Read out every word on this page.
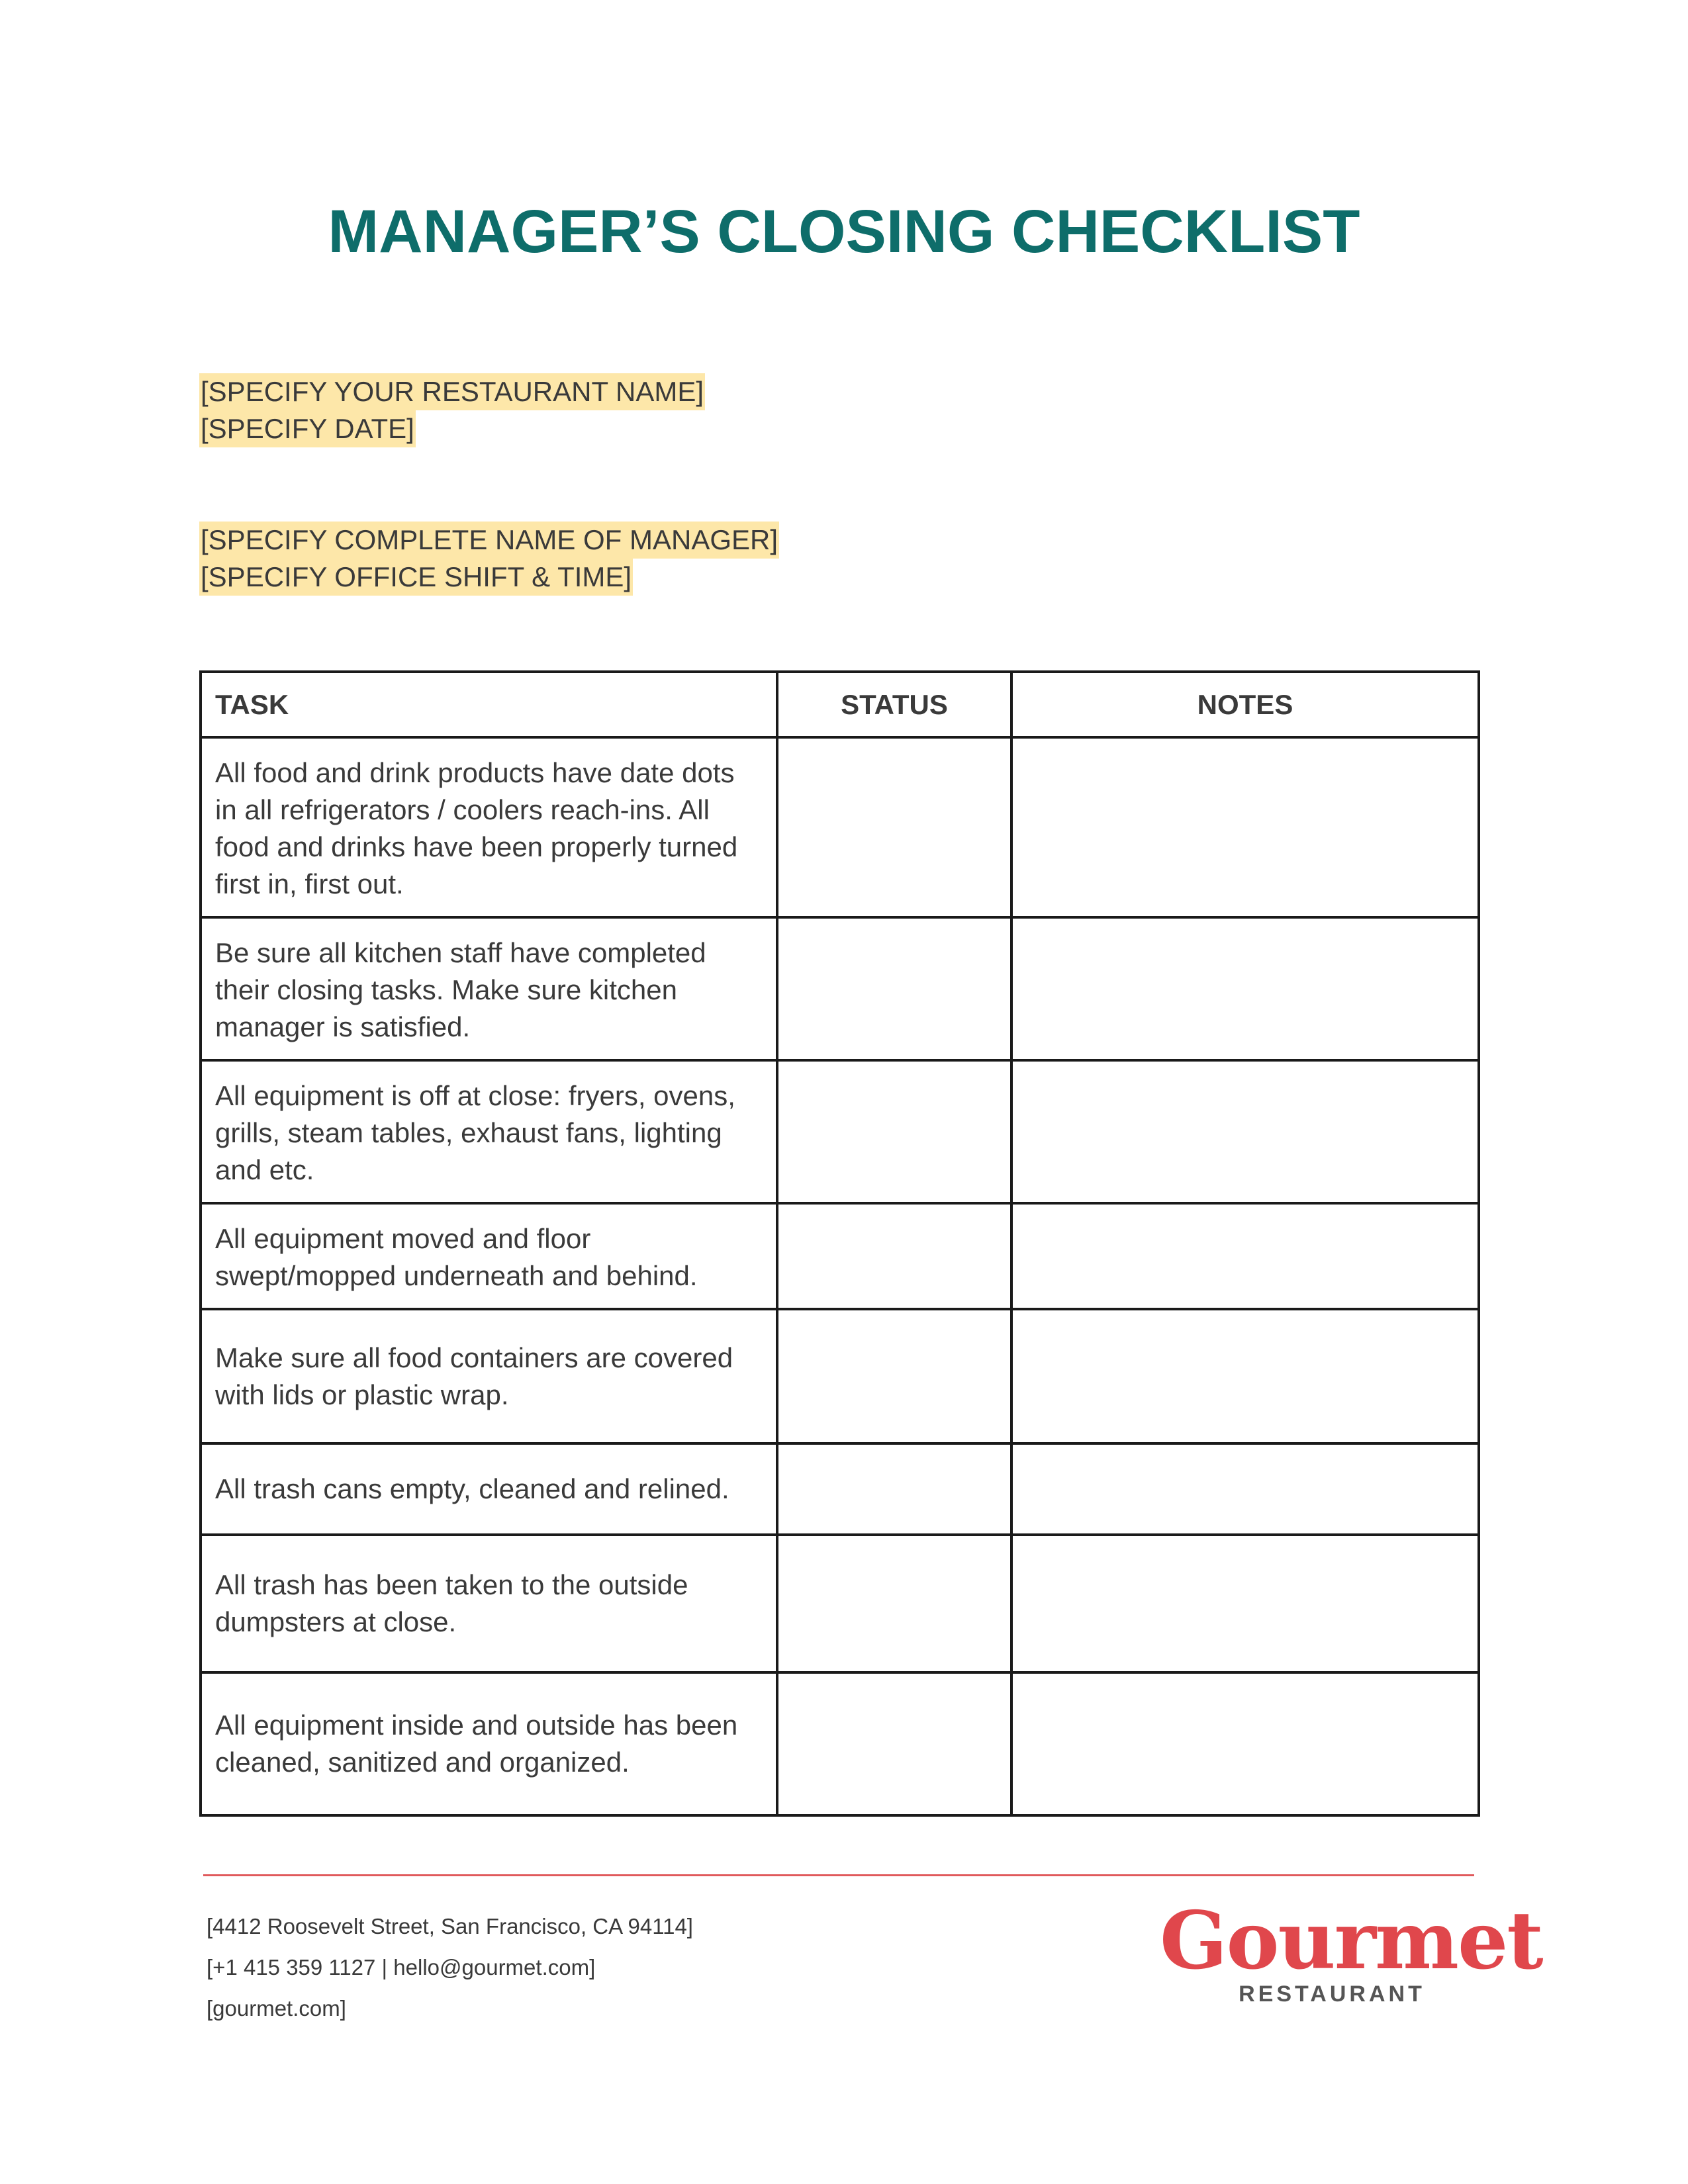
MANAGER’S CLOSING CHECKLIST
[SPECIFY YOUR RESTAURANT NAME]
[SPECIFY DATE]
[SPECIFY COMPLETE NAME OF MANAGER]
[SPECIFY OFFICE SHIFT & TIME]
TASK	STATUS	NOTES
All food and drink products have date dots in all refrigerators / coolers reach-ins. All food and drinks have been properly turned first in, first out.		
Be sure all kitchen staff have completed their closing tasks. Make sure kitchen manager is satisfied.		
All equipment is off at close: fryers, ovens, grills, steam tables, exhaust fans, lighting and etc.		
All equipment moved and floor swept/mopped underneath and behind.		
Make sure all food containers are covered with lids or plastic wrap.		
All trash cans empty, cleaned and relined.		
All trash has been taken to the outside dumpsters at close.		
All equipment inside and outside has been cleaned, sanitized and organized.		
[4412 Roosevelt Street, San Francisco, CA 94114]
[+1 415 359 1127 | hello@gourmet.com]
[gourmet.com]
Gourmet
RESTAURANT
